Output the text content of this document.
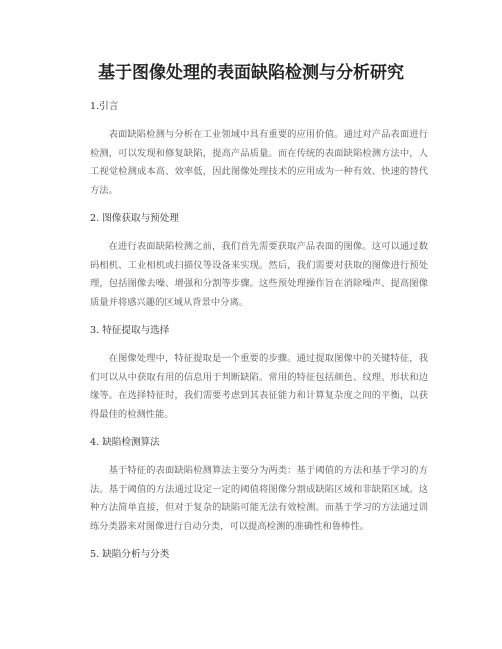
基于图像处理的表面缺陷检测与分析研究

1.引言

表面缺陷检测与分析在工业领域中具有重要的应用价值。通过对产品表面进行检测，可以发现和修复缺陷，提高产品质量。而在传统的表面缺陷检测方法中，人工视觉检测成本高、效率低，因此图像处理技术的应用成为一种有效、快速的替代方法。

2. 图像获取与预处理

在进行表面缺陷检测之前，我们首先需要获取产品表面的图像。这可以通过数码相机、工业相机或扫描仪等设备来实现。然后，我们需要对获取的图像进行预处理，包括图像去噪、增强和分割等步骤。这些预处理操作旨在消除噪声、提高图像质量并将感兴趣的区域从背景中分离。

3. 特征提取与选择

在图像处理中，特征提取是一个重要的步骤。通过提取图像中的关键特征，我们可以从中获取有用的信息用于判断缺陷。常用的特征包括颜色、纹理、形状和边缘等。在选择特征时，我们需要考虑到其表征能力和计算复杂度之间的平衡，以获得最佳的检测性能。

4. 缺陷检测算法

基于特征的表面缺陷检测算法主要分为两类：基于阈值的方法和基于学习的方法。基于阈值的方法通过设定一定的阈值将图像分割成缺陷区域和非缺陷区域。这种方法简单直接，但对于复杂的缺陷可能无法有效检测。而基于学习的方法通过训练分类器来对图像进行自动分类，可以提高检测的准确性和鲁棒性。

5. 缺陷分析与分类
